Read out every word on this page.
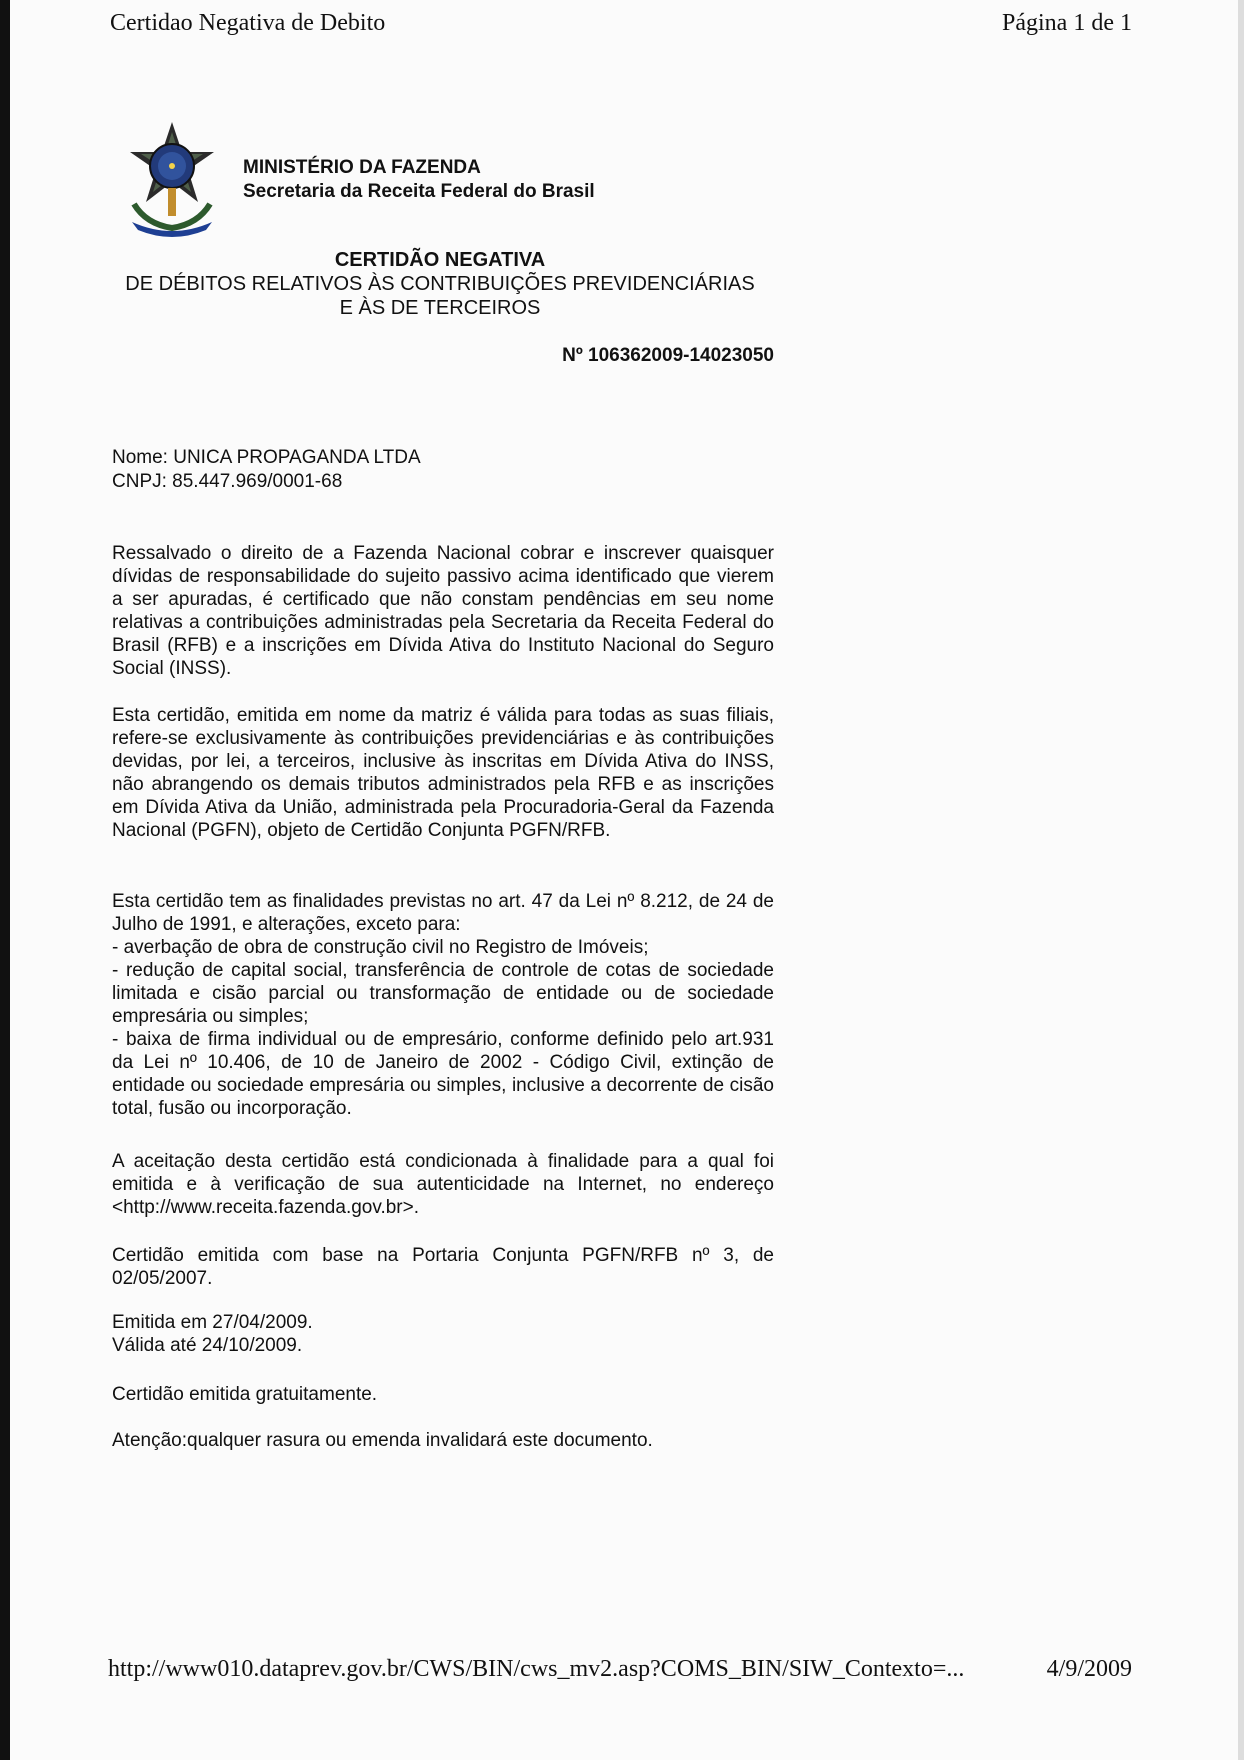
Certidao Negativa de Debito	Página 1 de 1
MINISTÉRIO DA FAZENDA
Secretaria da Receita Federal do Brasil
CERTIDÃO NEGATIVA
DE DÉBITOS RELATIVOS ÀS CONTRIBUIÇÕES PREVIDENCIÁRIAS
E ÀS DE TERCEIROS
Nº 106362009-14023050
Nome: UNICA PROPAGANDA LTDA
CNPJ: 85.447.969/0001-68
Ressalvado o direito de a Fazenda Nacional cobrar e inscrever quaisquer dívidas de responsabilidade do sujeito passivo acima identificado que vierem a ser apuradas, é certificado que não constam pendências em seu nome relativas a contribuições administradas pela Secretaria da Receita Federal do Brasil (RFB) e a inscrições em Dívida Ativa do Instituto Nacional do Seguro Social (INSS).
Esta certidão, emitida em nome da matriz é válida para todas as suas filiais, refere-se exclusivamente às contribuições previdenciárias e às contribuições devidas, por lei, a terceiros, inclusive às inscritas em Dívida Ativa do INSS, não abrangendo os demais tributos administrados pela RFB e as inscrições em Dívida Ativa da União, administrada pela Procuradoria-Geral da Fazenda Nacional (PGFN), objeto de Certidão Conjunta PGFN/RFB.
Esta certidão tem as finalidades previstas no art. 47 da Lei nº 8.212, de 24 de Julho de 1991, e alterações, exceto para:
- averbação de obra de construção civil no Registro de Imóveis;
- redução de capital social, transferência de controle de cotas de sociedade limitada e cisão parcial ou transformação de entidade ou de sociedade empresária ou simples;
- baixa de firma individual ou de empresário, conforme definido pelo art.931 da Lei nº 10.406, de 10 de Janeiro de 2002 - Código Civil, extinção de entidade ou sociedade empresária ou simples, inclusive a decorrente de cisão total, fusão ou incorporação.
A aceitação desta certidão está condicionada à finalidade para a qual foi emitida e à verificação de sua autenticidade na Internet, no endereço <http://www.receita.fazenda.gov.br>.
Certidão emitida com base na Portaria Conjunta PGFN/RFB nº 3, de 02/05/2007.
Emitida em 27/04/2009.
Válida até 24/10/2009.
Certidão emitida gratuitamente.
Atenção:qualquer rasura ou emenda invalidará este documento.
http://www010.dataprev.gov.br/CWS/BIN/cws_mv2.asp?COMS_BIN/SIW_Contexto=...	4/9/2009
